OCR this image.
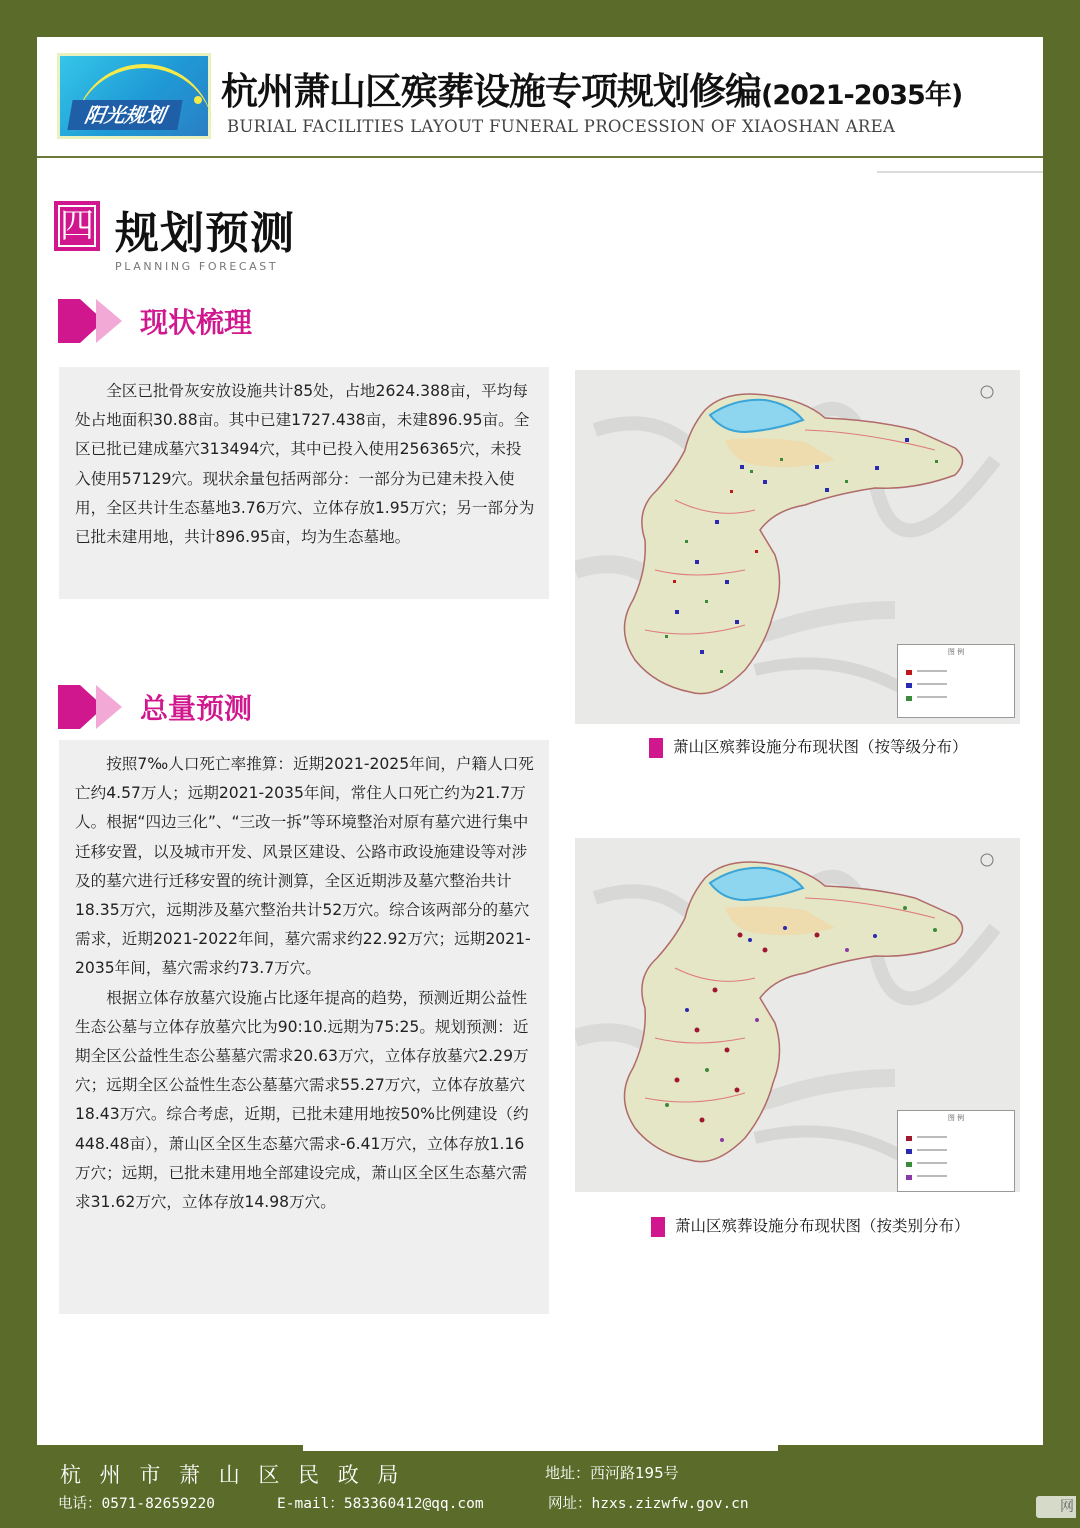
阳光规划
杭州萧山区殡葬设施专项规划修编(2021-2035年)
BURIAL FACILITIES LAYOUT FUNERAL PROCESSION OF XIAOSHAN AREA
四 规划预测
PLANNING FORECAST
现状梳理

全区已批骨灰安放设施共计85处，占地2624.388亩，平均每处占地面积30.88亩。其中已建1727.438亩，未建896.95亩。全区已批已建成墓穴313494穴，其中已投入使用256365穴，未投入使用57129穴。现状余量包括两部分：一部分为已建未投入使用，全区共计生态墓地3.76万穴、立体存放1.95万穴；另一部分为已批未建用地，共计896.95亩，均为生态墓地。

总量预测

按照7‰人口死亡率推算：近期2021-2025年间，户籍人口死亡约4.57万人；远期2021-2035年间，常住人口死亡约为21.7万人。根据“四边三化”、“三改一拆”等环境整治对原有墓穴进行集中迁移安置，以及城市开发、风景区建设、公路市政设施建设等对涉及的墓穴进行迁移安置的统计测算，全区近期涉及墓穴整治共计18.35万穴，远期涉及墓穴整治共计52万穴。综合该两部分的墓穴需求，近期2021-2022年间，墓穴需求约22.92万穴；远期2021-2035年间，墓穴需求约73.7万穴。

根据立体存放墓穴设施占比逐年提高的趋势，预测近期公益性生态公墓与立体存放墓穴比为90:10.远期为75:25。规划预测：近期全区公益性生态公墓墓穴需求20.63万穴，立体存放墓穴2.29万穴；远期全区公益性生态公墓墓穴需求55.27万穴，立体存放墓穴18.43万穴。综合考虑，近期，已批未建用地按50%比例建设（约448.48亩），萧山区全区生态墓穴需求-6.41万穴，立体存放1.16万穴；远期，已批未建用地全部建设完成，萧山区全区生态墓穴需求31.62万穴，立体存放14.98万穴。

图 例
萧山区殡葬设施分布现状图（按等级分布）
图 例
萧山区殡葬设施分布现状图（按类别分布）
杭 州 市 萧 山 区 民 政 局	地址：西河路195号
电话：0571-82659220	E-mail：583360412@qq.com	网址：hzxs.zizwfw.gov.cn	网
